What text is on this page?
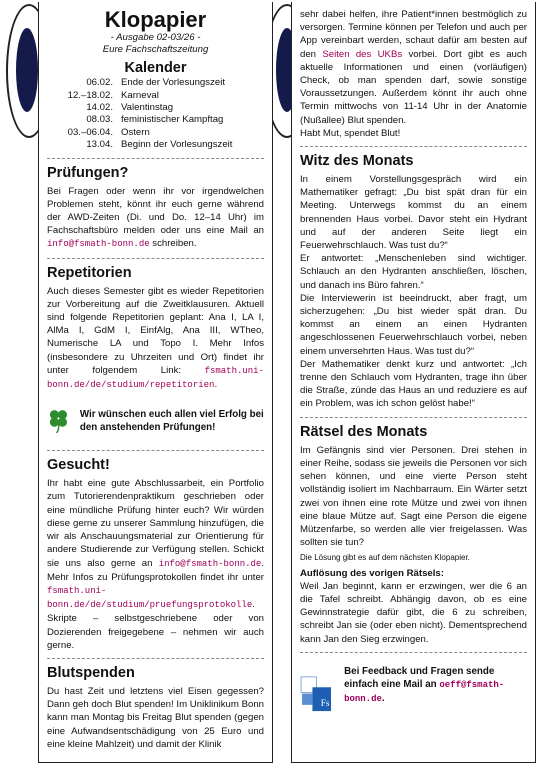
Klopapier
- Ausgabe 02-03/26 -
Eure Fachschaftszeitung
Kalender
06.02.	Ende der Vorlesungszeit
12.–18.02.	Karneval
14.02.	Valentinstag
08.03.	feministischer Kampftag
03.–06.04.	Ostern
13.04.	Beginn der Vorlesungszeit
Prüfungen?

Bei Fragen oder wenn ihr vor irgendwelchen Problemen steht, könnt ihr euch gerne während der AWD-Zeiten (Di. und Do. 12–14 Uhr) im Fachschaftsbüro melden oder uns eine Mail an info@fsmath-bonn.de schreiben.

Repetitorien

Auch dieses Semester gibt es wieder Repetitorien zur Vorbereitung auf die Zweitklausuren. Aktuell sind folgende Repetitorien geplant: Ana I, LA I, AlMa I, GdM I, EinfAlg, Ana III, WTheo, Numerische LA und Topo I. Mehr Infos (insbesondere zu Uhrzeiten und Ort) findet ihr unter folgendem Link:	fsmath.uni-bonn.de/de/studium/repetitorien.

Wir wünschen euch allen viel Erfolg bei den anstehenden Prüfungen!
Gesucht!

Ihr habt eine gute Abschlussarbeit, ein Portfolio zum Tutorierendenpraktikum geschrieben oder eine mündliche Prüfung hinter euch? Wir würden diese gerne zu unserer Sammlung hinzufügen, die wir als Anschauungsmaterial zur Orientierung für andere Studierende zur Verfügung stellen. Schickt sie uns also gerne an info@fsmath-bonn.de. Mehr Infos zu Prüfungsprotokollen findet ihr unter fsmath.uni-bonn.de/de/studium/pruefungsprotokolle. Skripte – selbstgeschriebene oder von Dozierenden freigegebene – nehmen wir auch gerne.

Blutspenden

Du hast Zeit und letztens viel Eisen gegessen? Dann geh doch Blut spenden! Im Uniklinikum Bonn kann man Montag bis Freitag Blut spenden (gegen eine Aufwandsentschädigung von 25 Euro und eine kleine Mahlzeit) und damit der Klinik

sehr dabei helfen, ihre Patient*innen bestmöglich zu versorgen. Termine können per Telefon und auch per App vereinbart werden, schaut dafür am besten auf den Seiten des UKBs vorbei. Dort gibt es auch aktuelle Informationen und einen (vorläufigen) Check, ob man spenden darf, sowie sonstige Voraussetzungen. Außerdem könnt ihr auch ohne Termin mittwochs von 11-14 Uhr in der Anatomie (Nußallee) Blut spenden.

Habt Mut, spendet Blut!

Witz des Monats

In einem Vorstellungsgespräch wird ein Mathematiker gefragt: „Du bist spät dran für ein Meeting. Unterwegs kommst du an einem brennenden Haus vorbei. Davor steht ein Hydrant und auf der anderen Seite liegt ein Feuerwehrschlauch. Was tust du?“

Er antwortet: „Menschenleben sind wichtiger. Schlauch an den Hydranten anschließen, löschen, und danach ins Büro fahren.“

Die Interviewerin ist beeindruckt, aber fragt, um sicherzugehen: „Du bist wieder spät dran. Du kommst an einem an einen Hydranten angeschlossenen Feuerwehrschlauch vorbei, neben einem unversehrten Haus. Was tust du?“

Der Mathematiker denkt kurz und antwortet: „Ich trenne den Schlauch vom Hydranten, trage ihn über die Straße, zünde das Haus an und reduziere es auf ein Problem, was ich schon gelöst habe!“

Rätsel des Monats

Im Gefängnis sind vier Personen. Drei stehen in einer Reihe, sodass sie jeweils die Personen vor sich sehen können, und eine vierte Person steht vollständig isoliert im Nachbarraum. Ein Wärter setzt zwei von ihnen eine rote Mütze und zwei von ihnen eine blaue Mütze auf. Sagt eine Person die eigene Mützenfarbe, so werden alle vier freigelassen. Was sollten sie tun?

Die Lösung gibt es auf dem nächsten Klopapier.

Auflösung des vorigen Rätsels:

Weil Jan beginnt, kann er erzwingen, wer die 6 an die Tafel schreibt. Abhängig davon, ob es eine Gewinnstrategie dafür gibt, die 6 zu schreiben, schreibt Jan sie (oder eben nicht). Dementsprechend kann Jan den Sieg erzwingen.

Fs
Bei Feedback und Fragen sende einfach eine Mail an oeff@fsmath-bonn.de.
